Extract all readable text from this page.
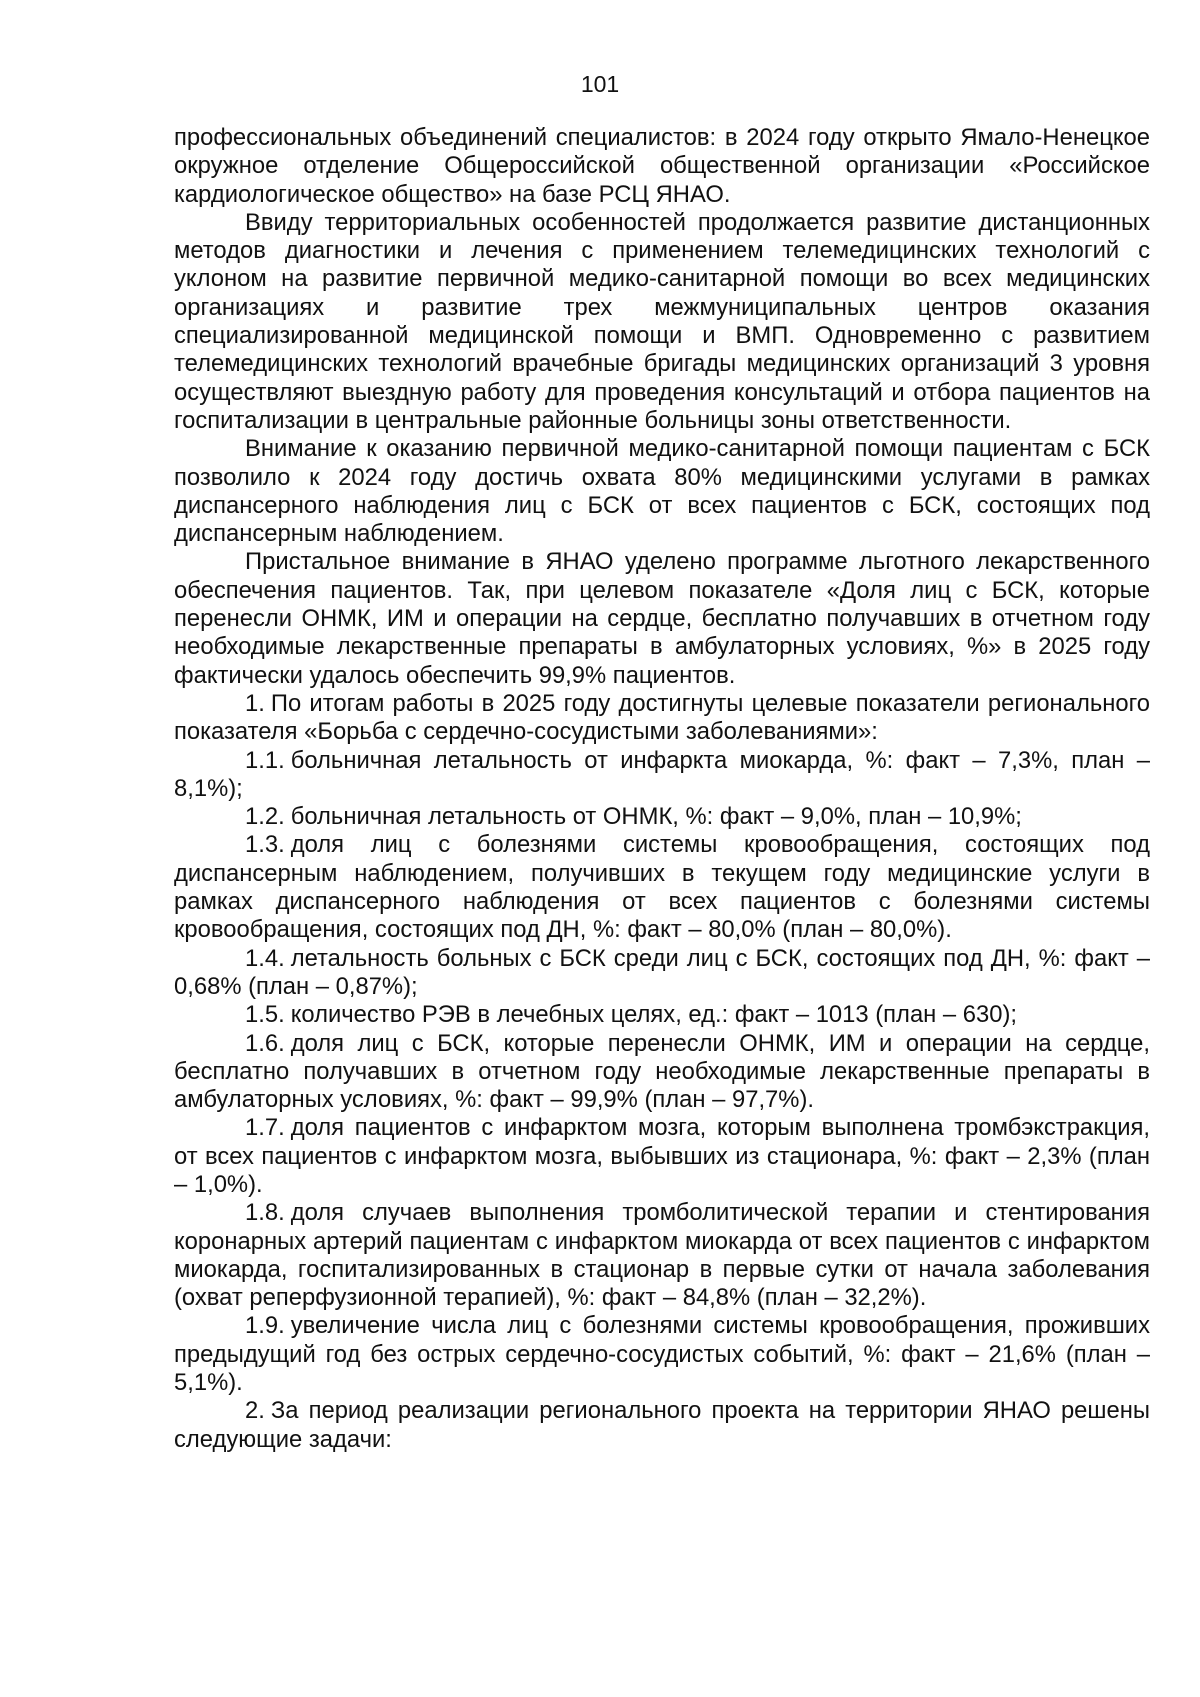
101

профессиональных объединений специалистов: в 2024 году открыто Ямало-Ненецкое окружное отделение Общероссийской общественной организации «Российское кардиологическое общество» на базе РСЦ ЯНАО.

Ввиду территориальных особенностей продолжается развитие дистанционных методов диагностики и лечения с применением телемедицинских технологий с уклоном на развитие первичной медико-санитарной помощи во всех медицинских организациях и развитие трех межмуниципальных центров оказания специализированной медицинской помощи и ВМП. Одновременно с развитием телемедицинских технологий врачебные бригады медицинских организаций 3 уровня осуществляют выездную работу для проведения консультаций и отбора пациентов на госпитализации в центральные районные больницы зоны ответственности.

Внимание к оказанию первичной медико-санитарной помощи пациентам с БСК позволило к 2024 году достичь охвата 80% медицинскими услугами в рамках диспансерного наблюдения лиц с БСК от всех пациентов с БСК, состоящих под диспансерным наблюдением.

Пристальное внимание в ЯНАО уделено программе льготного лекарственного обеспечения пациентов. Так, при целевом показателе «Доля лиц с БСК, которые перенесли ОНМК, ИМ и операции на сердце, бесплатно получавших в отчетном году необходимые лекарственные препараты в амбулаторных условиях, %» в 2025 году фактически удалось обеспечить 99,9% пациентов.

1. По итогам работы в 2025 году достигнуты целевые показатели регионального показателя «Борьба с сердечно-сосудистыми заболеваниями»:

1.1. больничная летальность от инфаркта миокарда, %: факт – 7,3%, план – 8,1%);

1.2. больничная летальность от ОНМК, %: факт – 9,0%, план – 10,9%;

1.3. доля лиц с болезнями системы кровообращения, состоящих под диспансерным наблюдением, получивших в текущем году медицинские услуги в рамках диспансерного наблюдения от всех пациентов с болезнями системы кровообращения, состоящих под ДН, %: факт – 80,0% (план – 80,0%).

1.4. летальность больных с БСК среди лиц с БСК, состоящих под ДН, %: факт – 0,68% (план – 0,87%);

1.5. количество РЭВ в лечебных целях, ед.: факт – 1013 (план – 630);

1.6. доля лиц с БСК, которые перенесли ОНМК, ИМ и операции на сердце, бесплатно получавших в отчетном году необходимые лекарственные препараты в амбулаторных условиях, %: факт – 99,9% (план – 97,7%).

1.7. доля пациентов с инфарктом мозга, которым выполнена тромбэкстракция, от всех пациентов с инфарктом мозга, выбывших из стационара, %: факт – 2,3% (план – 1,0%).

1.8. доля случаев выполнения тромболитической терапии и стентирования коронарных артерий пациентам с инфарктом миокарда от всех пациентов с инфарктом миокарда, госпитализированных в стационар в первые сутки от начала заболевания (охват реперфузионной терапией), %: факт – 84,8% (план – 32,2%).

1.9. увеличение числа лиц с болезнями системы кровообращения, проживших предыдущий год без острых сердечно-сосудистых событий, %: факт – 21,6% (план – 5,1%).

2. За период реализации регионального проекта на территории ЯНАО решены следующие задачи:
